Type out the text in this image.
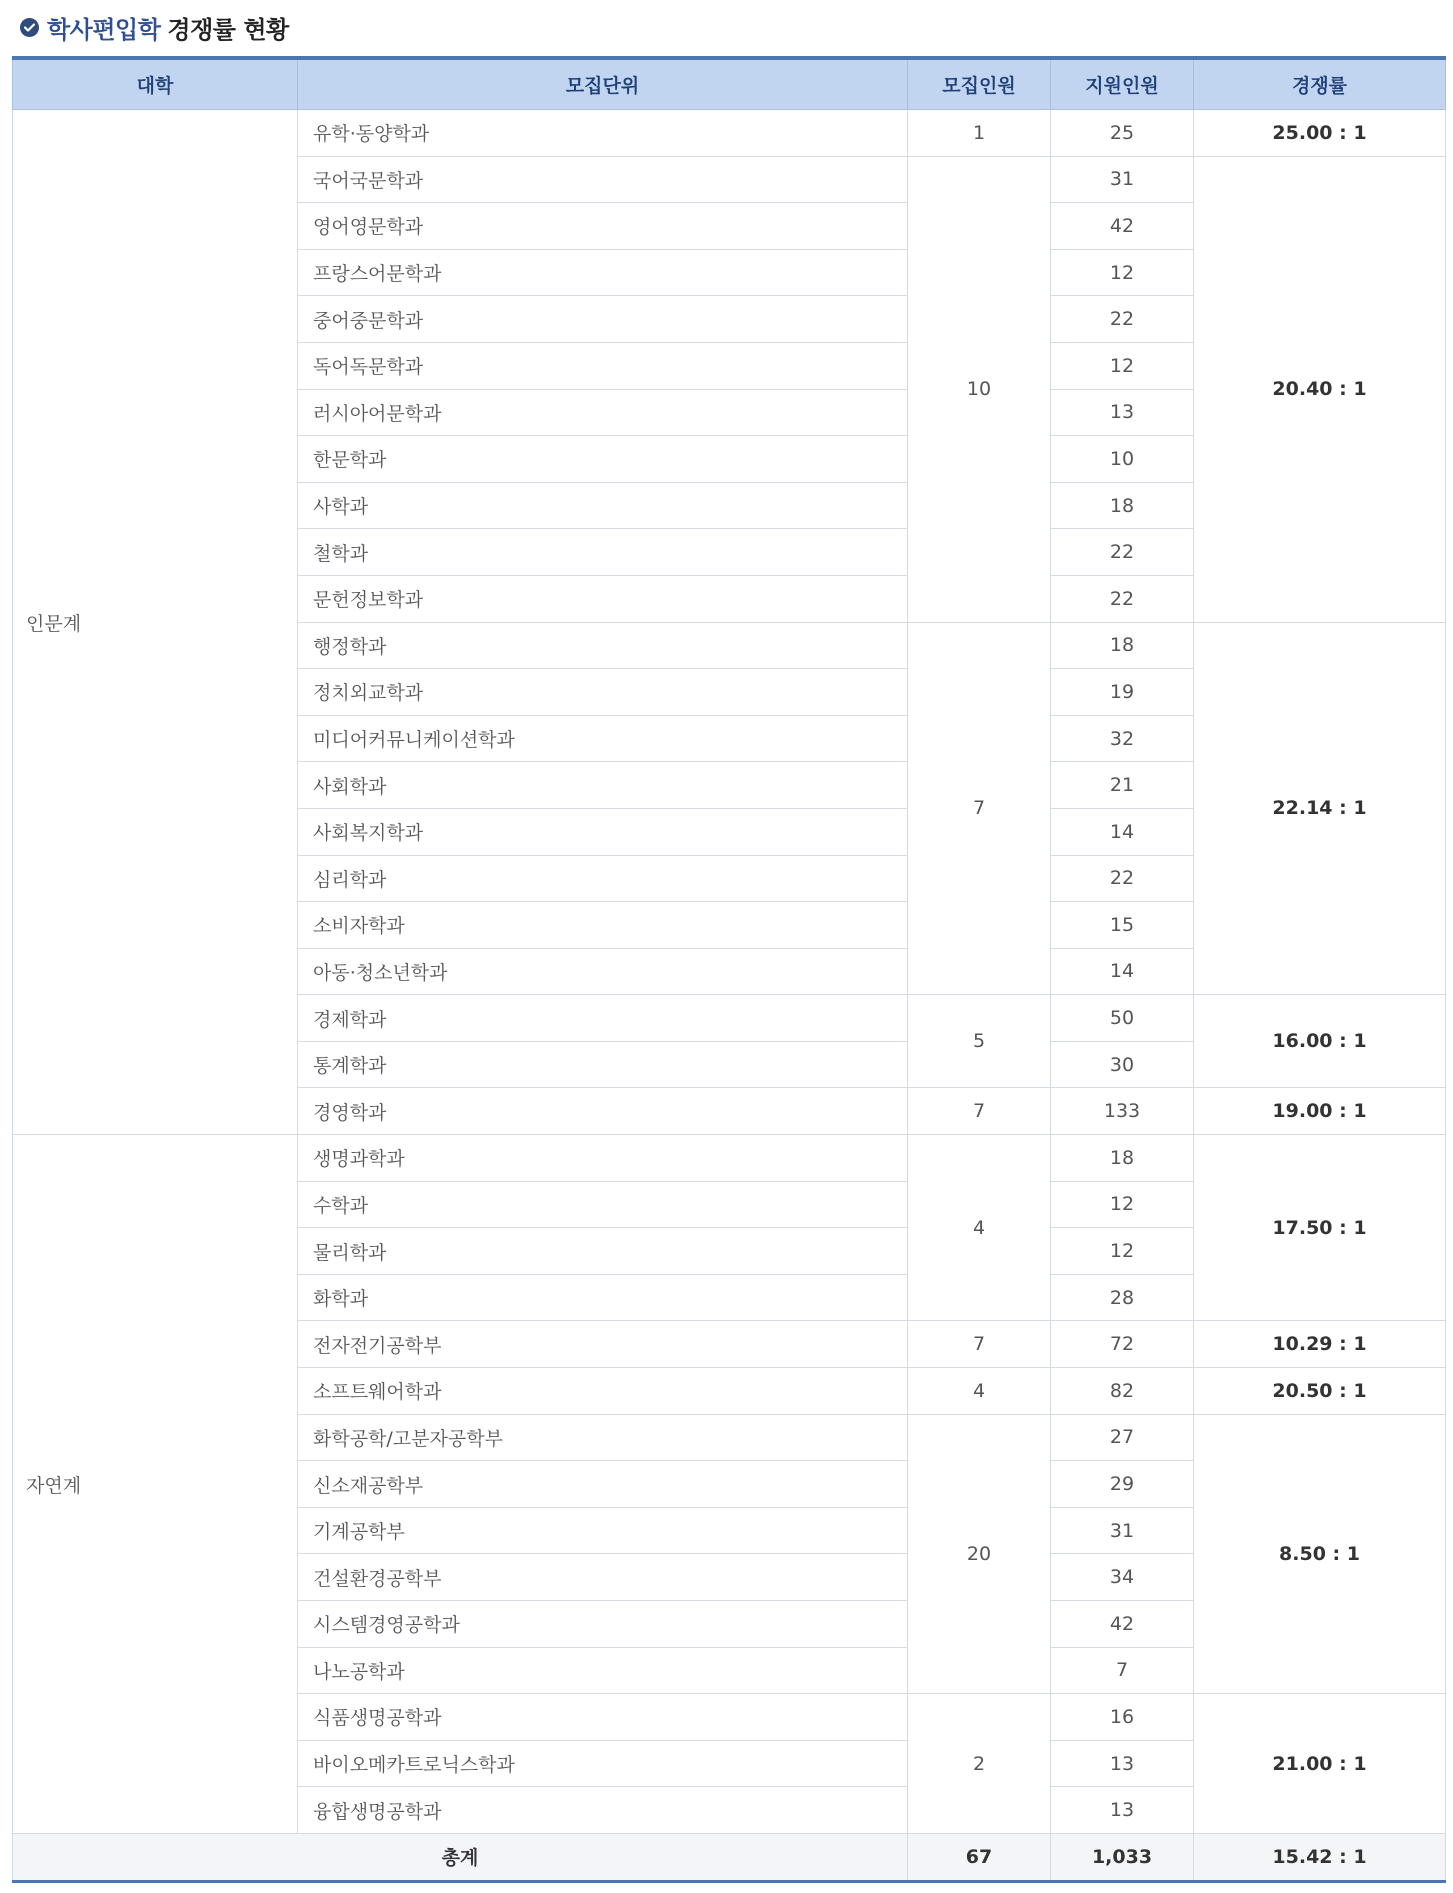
학사편입학 경쟁률 현황
대학	모집단위	모집인원	지원인원	경쟁률
인문계	유학·동양학과	1	25	25.00 : 1
	국어국문학과	10	31	20.40 : 1
	영어영문학과		42	
	프랑스어문학과		12	
	중어중문학과		22	
	독어독문학과		12	
	러시아어문학과		13	
	한문학과		10	
	사학과		18	
	철학과		22	
	문헌정보학과		22	
	행정학과	7	18	22.14 : 1
	정치외교학과		19	
	미디어커뮤니케이션학과		32	
	사회학과		21	
	사회복지학과		14	
	심리학과		22	
	소비자학과		15	
	아동·청소년학과		14	
	경제학과	5	50	16.00 : 1
	통계학과		30	
	경영학과	7	133	19.00 : 1
자연계	생명과학과	4	18	17.50 : 1
	수학과		12	
	물리학과		12	
	화학과		28	
	전자전기공학부	7	72	10.29 : 1
	소프트웨어학과	4	82	20.50 : 1
	화학공학/고분자공학부	20	27	8.50 : 1
	신소재공학부		29	
	기계공학부		31	
	건설환경공학부		34	
	시스템경영공학과		42	
	나노공학과		7	
	식품생명공학과	2	16	21.00 : 1
	바이오메카트로닉스학과		13	
	융합생명공학과		13	
총계		67	1,033	15.42 : 1
